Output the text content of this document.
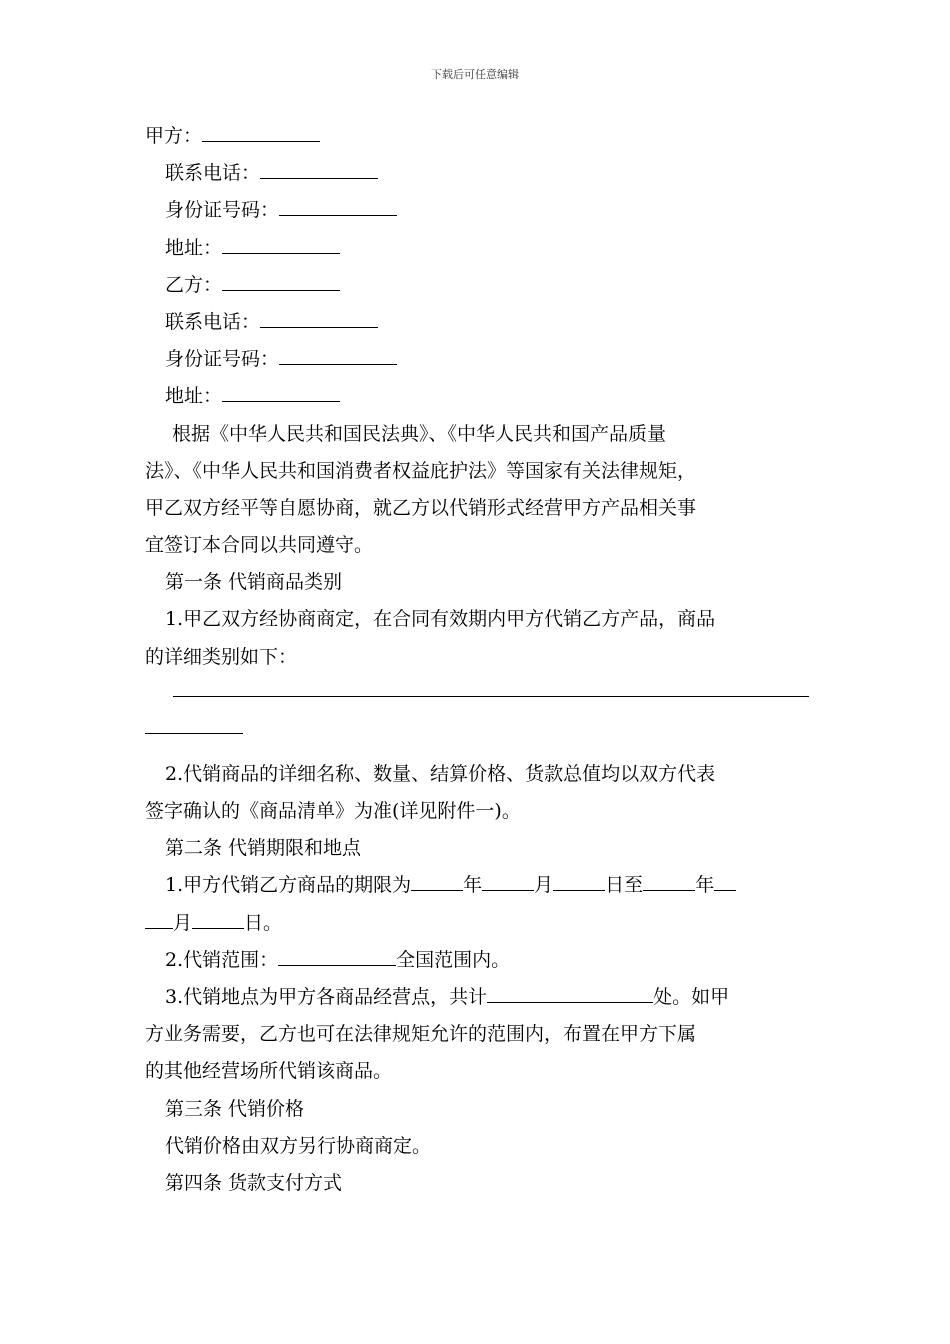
下载后可任意编辑
甲方：
联系电话：
身份证号码：
地址：
乙方：
联系电话：
身份证号码：
地址：
根据《中华人民共和国民法典》、《中华人民共和国产品质量
法》、《中华人民共和国消费者权益庇护法》等国家有关法律规矩，
甲乙双方经平等自愿协商，就乙方以代销形式经营甲方产品相关事
宜签订本合同以共同遵守。
第一条 代销商品类别
1.甲乙双方经协商商定，在合同有效期内甲方代销乙方产品，商品
的详细类别如下：
2.代销商品的详细名称、数量、结算价格、货款总值均以双方代表
签字确认的《商品清单》为准(详见附件一)。
第二条 代销期限和地点
1.甲方代销乙方商品的期限为	年	月	日至	年
月	日。
2.代销范围：	全国范围内。
3.代销地点为甲方各商品经营点，共计	处。如甲
方业务需要，乙方也可在法律规矩允许的范围内，布置在甲方下属
的其他经营场所代销该商品。
第三条 代销价格
代销价格由双方另行协商商定。
第四条 货款支付方式
